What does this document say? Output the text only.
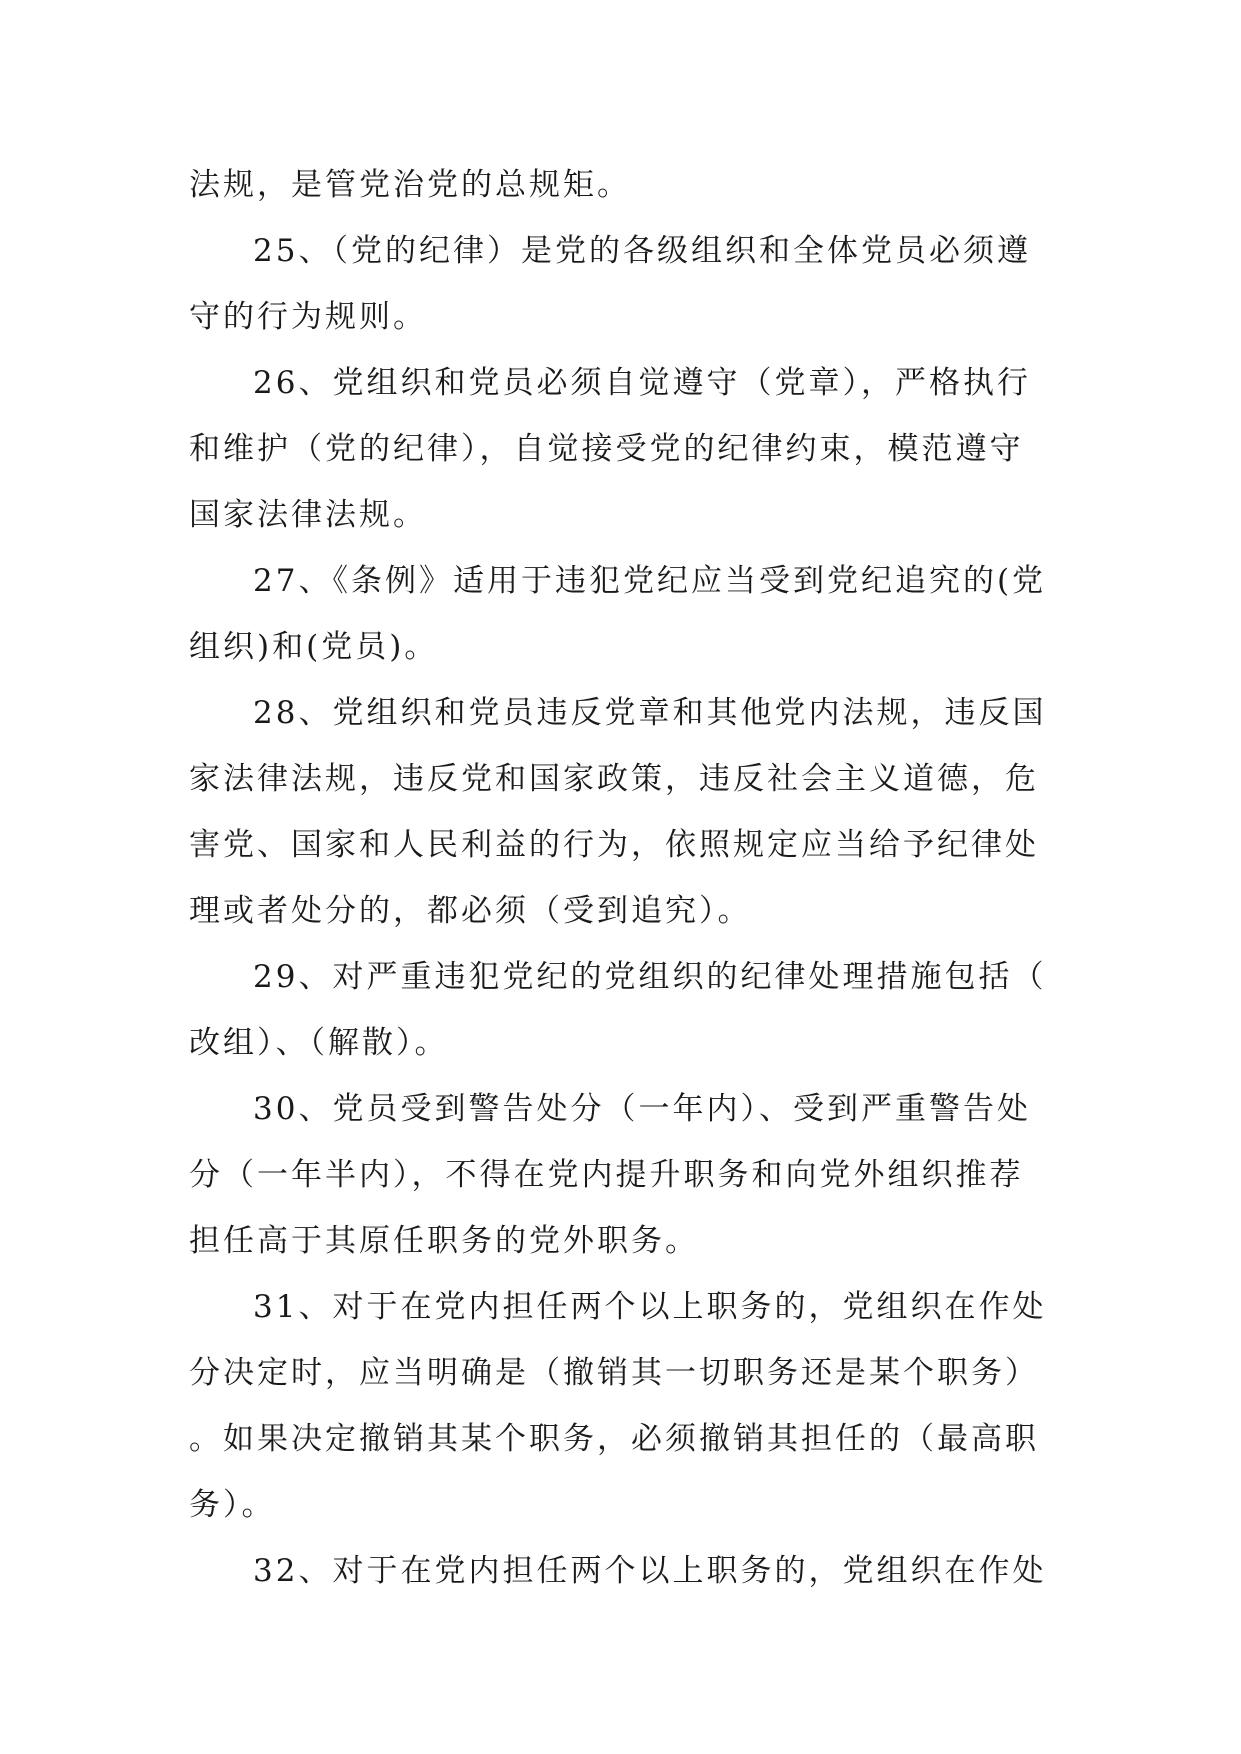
法规，是管党治党的总规矩。
25、（党的纪律）是党的各级组织和全体党员必须遵
守的行为规则。
26、党组织和党员必须自觉遵守（党章），严格执行
和维护（党的纪律），自觉接受党的纪律约束，模范遵守
国家法律法规。
27、《条例》适用于违犯党纪应当受到党纪追究的(党
组织)和(党员)。
28、党组织和党员违反党章和其他党内法规，违反国
家法律法规，违反党和国家政策，违反社会主义道德，危
害党、国家和人民利益的行为，依照规定应当给予纪律处
理或者处分的，都必须（受到追究）。
29、对严重违犯党纪的党组织的纪律处理措施包括（
改组）、（解散）。
30、党员受到警告处分（一年内）、受到严重警告处
分（一年半内），不得在党内提升职务和向党外组织推荐
担任高于其原任职务的党外职务。
31、对于在党内担任两个以上职务的，党组织在作处
分决定时，应当明确是（撤销其一切职务还是某个职务）
。如果决定撤销其某个职务，必须撤销其担任的（最高职
务）。
32、对于在党内担任两个以上职务的，党组织在作处
